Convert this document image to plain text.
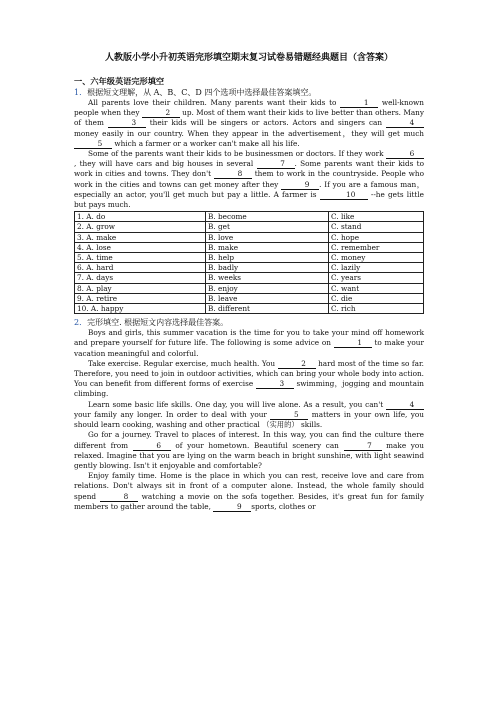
人教版小学小升初英语完形填空期末复习试卷易错题经典题目（含答案）
一、六年级英语完形填空
1．根据短文理解，从 A、B、C、D 四个选项中选择最佳答案填空。

All parents love their children. Many parents want their kids to	1 well-known people when they	2 up. Most of them want their kids to live better than others. Many of them	3 their kids will be singers or actors. Actors and singers can	4 money easily in our country. When they appear in the advertisement，they will get much 5 which a farmer or a worker can't make all his life.

Some of the parents want their kids to be businessmen or doctors. If they work	6, they will have cars and big houses in several	7 . Some parents want their kids to work in cities and towns. They don't	8 them to work in the countryside. People who work in the cities and towns can get money after they	9 . If you are a famous man，especially an actor, you'll get much but pay a little. A farmer is	10 --he gets little but pays much.

1. A. do	B. become	C. like
2. A. grow	B. get	C. stand
3. A. make	B. love	C. hope
4. A. lose	B. make	C. remember
5. A. time	B. help	C. money
6. A. hard	B. badly	C. lazily
7. A. days	B. weeks	C. years
8. A. play	B. enjoy	C. want
9. A. retire	B. leave	C. die
10. A. happy	B. different	C. rich
2．完形填空. 根据短文内容选择最佳答案。

Boys and girls, this summer vacation is the time for you to take your mind off homework and prepare yourself for future life. The following is some advice on	1 to make your vacation meaningful and colorful.

Take exercise. Regular exercise, much health. You	2 hard most of the time so far. Therefore, you need to join in outdoor activities, which can bring your whole body into action. You can benefit from different forms of exercise	3 swimming，jogging and mountain climbing.

Learn some basic life skills. One day, you will live alone. As a result, you can't	4 your family any longer. In order to deal with your	5 matters in your own life, you should learn cooking, washing and other practical （实用的） skills.

Go for a journey. Travel to places of interest. In this way, you can find the culture there different from	6 of your hometown. Beautiful scenery can	7 make you relaxed. Imagine that you are lying on the warm beach in bright sunshine, with light seawind gently blowing. Isn't it enjoyable and comfortable?

Enjoy family time. Home is the place in which you can rest, receive love and care from relations. Don't always sit in front of a computer alone. Instead, the whole family should spend	8 watching a movie on the sofa together. Besides, it's great fun for family members to gather around the table,	9 sports, clothes or
